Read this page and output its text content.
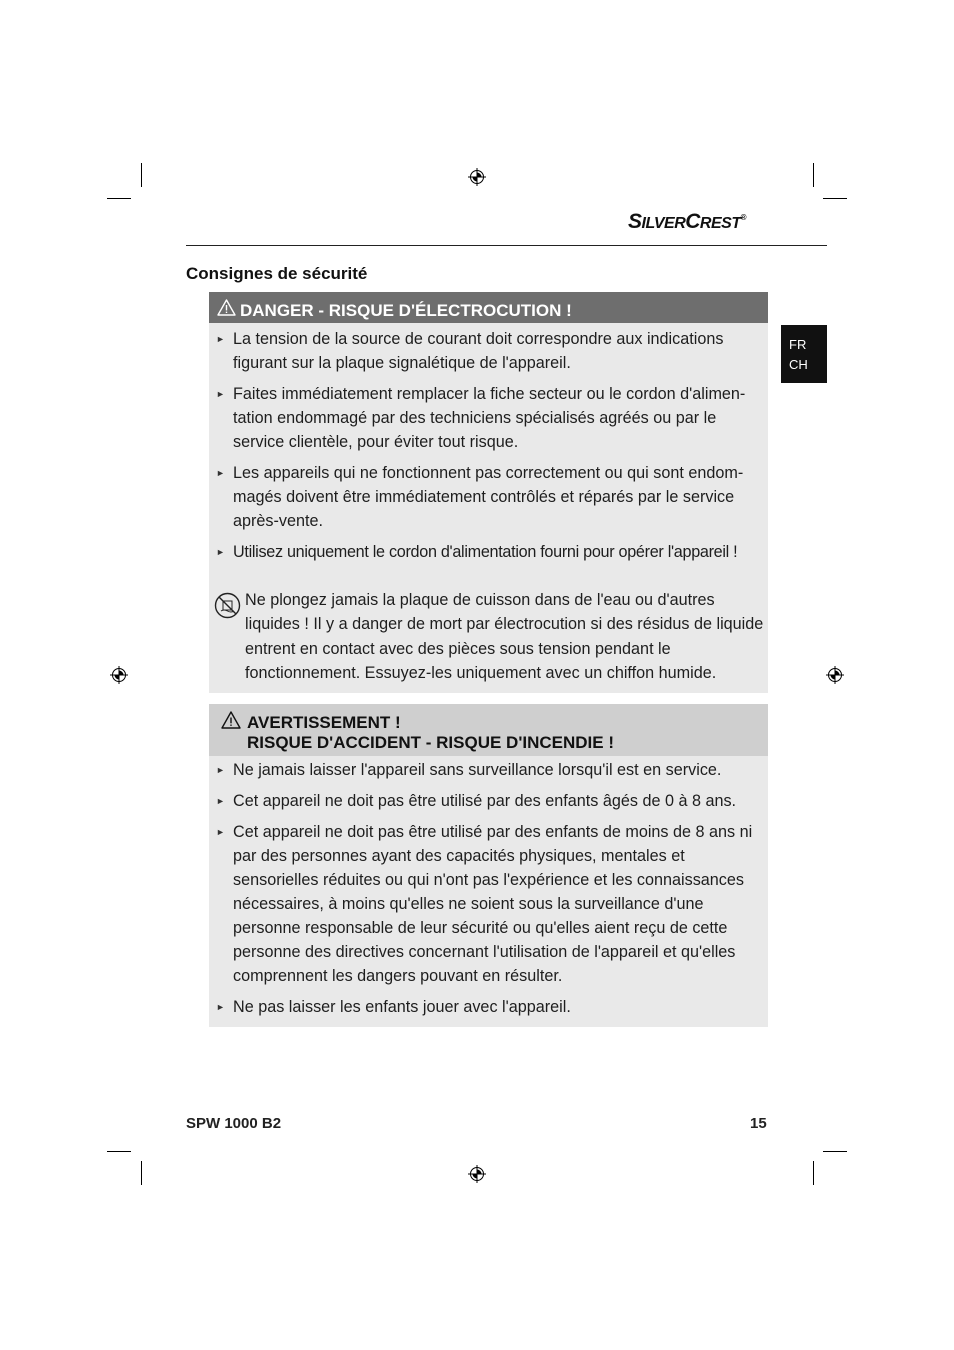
SILVERCREST®
Consignes de sécurité
FR
CH
DANGER - RISQUE D'ÉLECTROCUTION !
► La tension de la source de courant doit correspondre aux indications figurant sur la plaque signalétique de l'appareil.
► Faites immédiatement remplacer la fiche secteur ou le cordon d'alimen-tation endommagé par des techniciens spécialisés agréés ou par le service clientèle, pour éviter tout risque.
► Les appareils qui ne fonctionnent pas correctement ou qui sont endom-magés doivent être immédiatement contrôlés et réparés par le service après-vente.
► Utilisez uniquement le cordon d'alimentation fourni pour opérer l'appareil !
Ne plongez jamais la plaque de cuisson dans de l'eau ou d'autres liquides ! Il y a danger de mort par électrocution si des résidus de liquide entrent en contact avec des pièces sous tension pendant le fonctionnement. Essuyez-les uniquement avec un chiffon humide.
AVERTISSEMENT !
RISQUE D'ACCIDENT - RISQUE D'INCENDIE !
► Ne jamais laisser l'appareil sans surveillance lorsqu'il est en service.
► Cet appareil ne doit pas être utilisé par des enfants âgés de 0 à 8 ans.
► Cet appareil ne doit pas être utilisé par des enfants de moins de 8 ans ni par des personnes ayant des capacités physiques, mentales et sensorielles réduites ou qui n'ont pas l'expérience et les connaissances nécessaires, à moins qu'elles ne soient sous la surveillance d'une personne responsable de leur sécurité ou qu'elles aient reçu de cette personne des directives concernant l'utilisation de l'appareil et qu'elles comprennent les dangers pouvant en résulter.
► Ne pas laisser les enfants jouer avec l'appareil.
SPW 1000 B2	15
